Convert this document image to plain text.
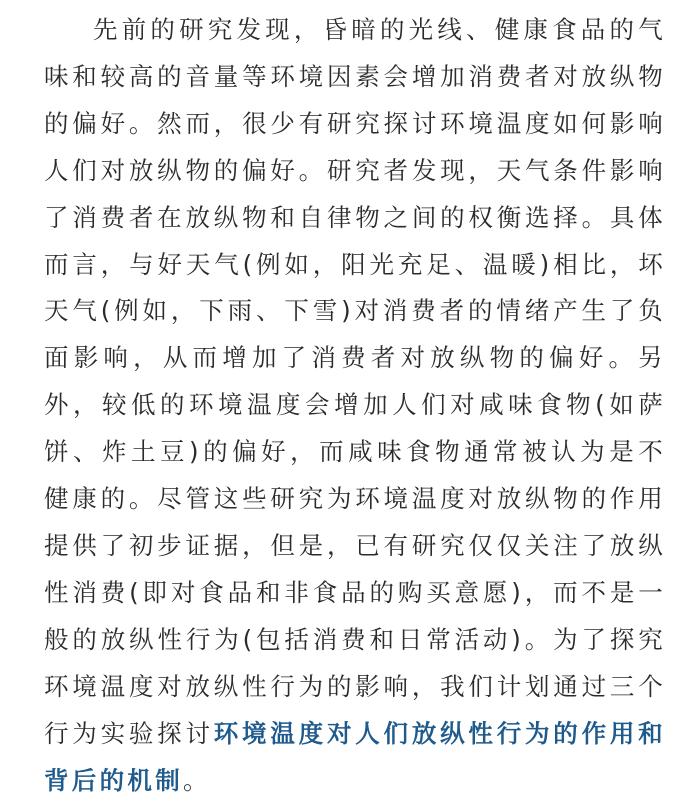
先前的研究发现，昏暗的光线、健康食品的气味和较高的音量等环境因素会增加消费者对放纵物的偏好。然而，很少有研究探讨环境温度如何影响人们对放纵物的偏好。研究者发现，天气条件影响了消费者在放纵物和自律物之间的权衡选择。具体而言，与好天气(例如，阳光充足、温暖)相比，坏天气(例如，下雨、下雪)对消费者的情绪产生了负面影响，从而增加了消费者对放纵物的偏好。另外，较低的环境温度会增加人们对咸味食物(如萨饼、炸土豆)的偏好，而咸味食物通常被认为是不健康的。尽管这些研究为环境温度对放纵物的作用提供了初步证据，但是，已有研究仅仅关注了放纵性消费(即对食品和非食品的购买意愿)，而不是一般的放纵性行为(包括消费和日常活动)。为了探究环境温度对放纵性行为的影响，我们计划通过三个行为实验探讨环境温度对人们放纵性行为的作用和背后的机制。
